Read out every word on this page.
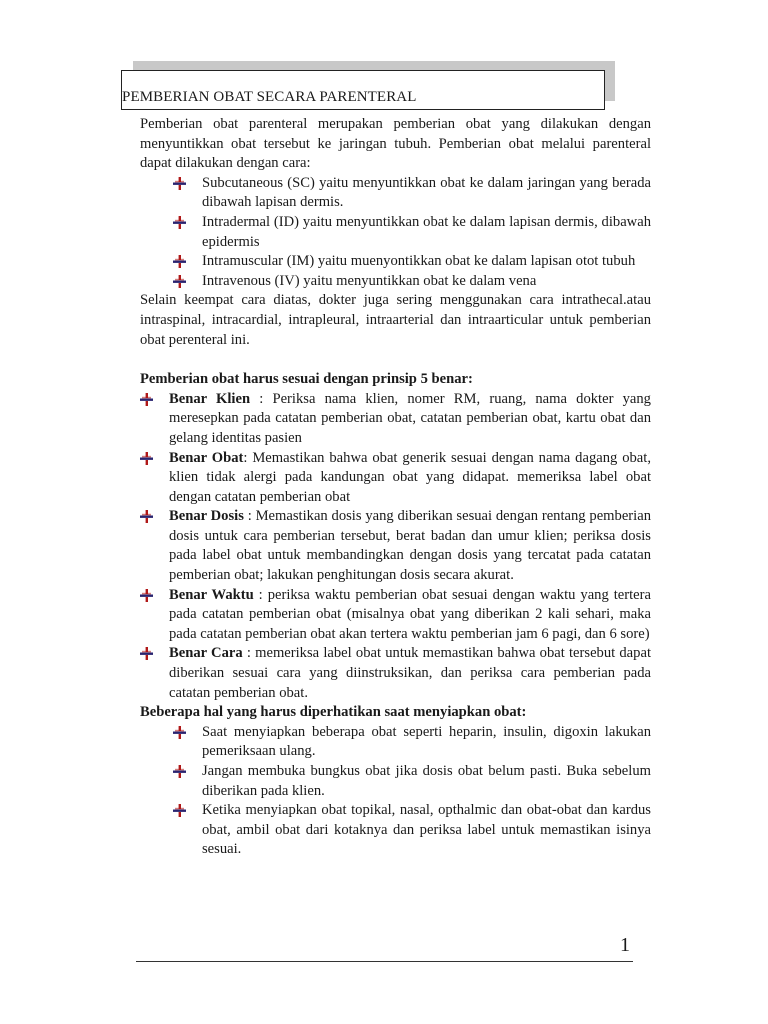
PEMBERIAN OBAT SECARA PARENTERAL

Pemberian obat parenteral merupakan pemberian obat yang dilakukan dengan menyuntikkan obat tersebut ke jaringan tubuh. Pemberian obat melalui parenteral dapat dilakukan dengan cara:

Subcutaneous (SC) yaitu menyuntikkan obat ke dalam jaringan yang berada dibawah lapisan dermis.
Intradermal (ID) yaitu menyuntikkan obat ke dalam lapisan dermis, dibawah epidermis
Intramuscular (IM) yaitu muenyontikkan obat ke dalam lapisan otot tubuh
Intravenous (IV) yaitu menyuntikkan obat ke dalam vena

Selain keempat cara diatas, dokter juga sering menggunakan cara intrathecal.atau intraspinal, intracardial, intrapleural, intraarterial dan intraarticular untuk pemberian obat perenteral ini.

Pemberian obat harus sesuai dengan prinsip 5 benar:
Benar Klien : Periksa nama klien, nomer RM, ruang, nama dokter yang meresepkan pada catatan pemberian obat, catatan pemberian obat, kartu obat dan gelang identitas pasien
Benar Obat: Memastikan bahwa obat generik sesuai dengan nama dagang obat, klien tidak alergi pada kandungan obat yang didapat. memeriksa label obat dengan catatan pemberian obat
Benar Dosis : Memastikan dosis yang diberikan sesuai dengan rentang pemberian dosis untuk cara pemberian tersebut, berat badan dan umur klien; periksa dosis pada label obat untuk membandingkan dengan dosis yang tercatat pada catatan pemberian obat; lakukan penghitungan dosis secara akurat.
Benar Waktu : periksa waktu pemberian obat sesuai dengan waktu yang tertera pada catatan pemberian obat (misalnya obat yang diberikan 2 kali sehari, maka pada catatan pemberian obat akan tertera waktu pemberian jam 6 pagi, dan 6 sore)
Benar Cara : memeriksa label obat untuk memastikan bahwa obat tersebut dapat diberikan sesuai cara yang diinstruksikan, dan periksa cara pemberian pada catatan pemberian obat.
Beberapa hal yang harus diperhatikan saat menyiapkan obat:
Saat menyiapkan beberapa obat seperti heparin, insulin, digoxin lakukan pemeriksaan ulang.
Jangan membuka bungkus obat jika dosis obat belum pasti. Buka sebelum diberikan pada klien.
Ketika menyiapkan obat topikal, nasal, opthalmic dan obat-obat dan kardus obat, ambil obat dari kotaknya dan periksa label untuk memastikan isinya sesuai.
1
